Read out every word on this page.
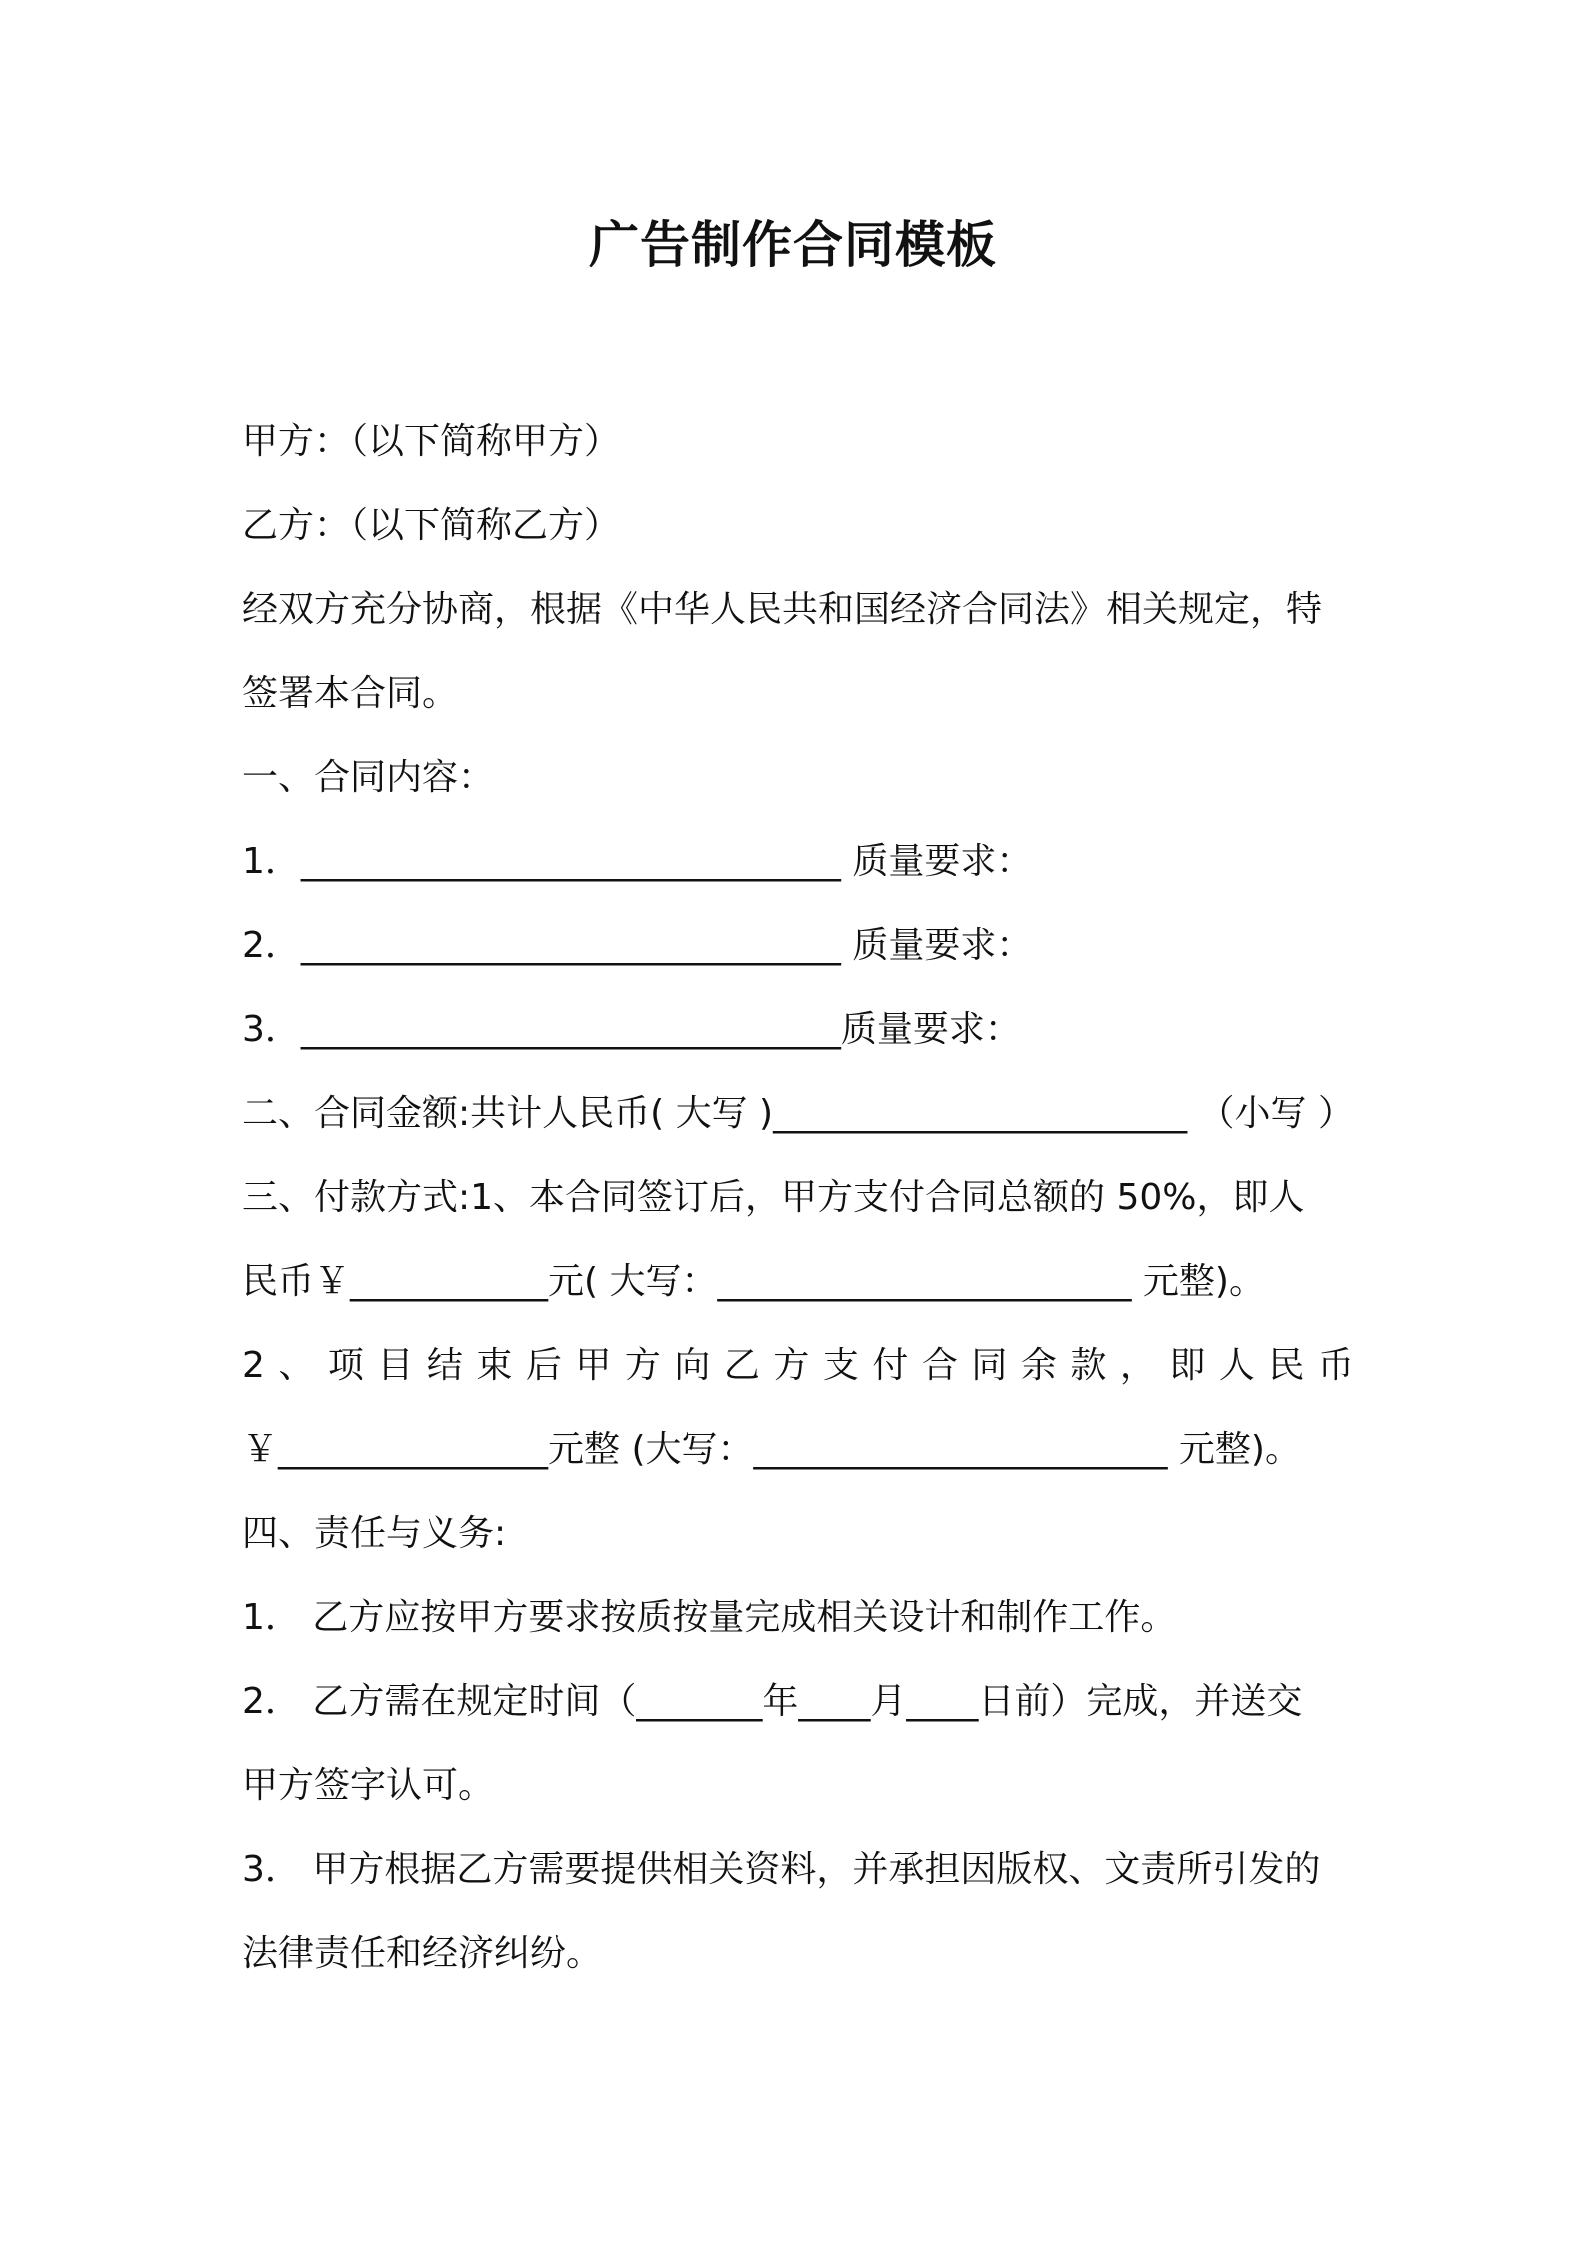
广告制作合同模板
甲方：（以下简称甲方）
乙方：（以下简称乙方）
经双方充分协商，根据《中华人民共和国经济合同法》相关规定，特
签署本合同。
一、合同内容：
1．______________________________ 质量要求：
2．______________________________ 质量要求：
3．______________________________质量要求：
二、合同金额:共计人民币( 大写 )_______________________ （小写 ）
三、付款方式:1、本合同签订后，甲方支付合同总额的 50%，即人
民币￥___________元( 大写：_______________________ 元整)。
2 、 项 目 结 束 后 甲 方 向 乙 方 支 付 合 同 余 款 ， 即 人 民 币
￥_______________元整 (大写：_______________________ 元整)。
四、责任与义务:
1． 乙方应按甲方要求按质按量完成相关设计和制作工作。
2． 乙方需在规定时间（_______年____月____日前）完成，并送交
甲方签字认可。
3． 甲方根据乙方需要提供相关资料，并承担因版权、文责所引发的
法律责任和经济纠纷。
